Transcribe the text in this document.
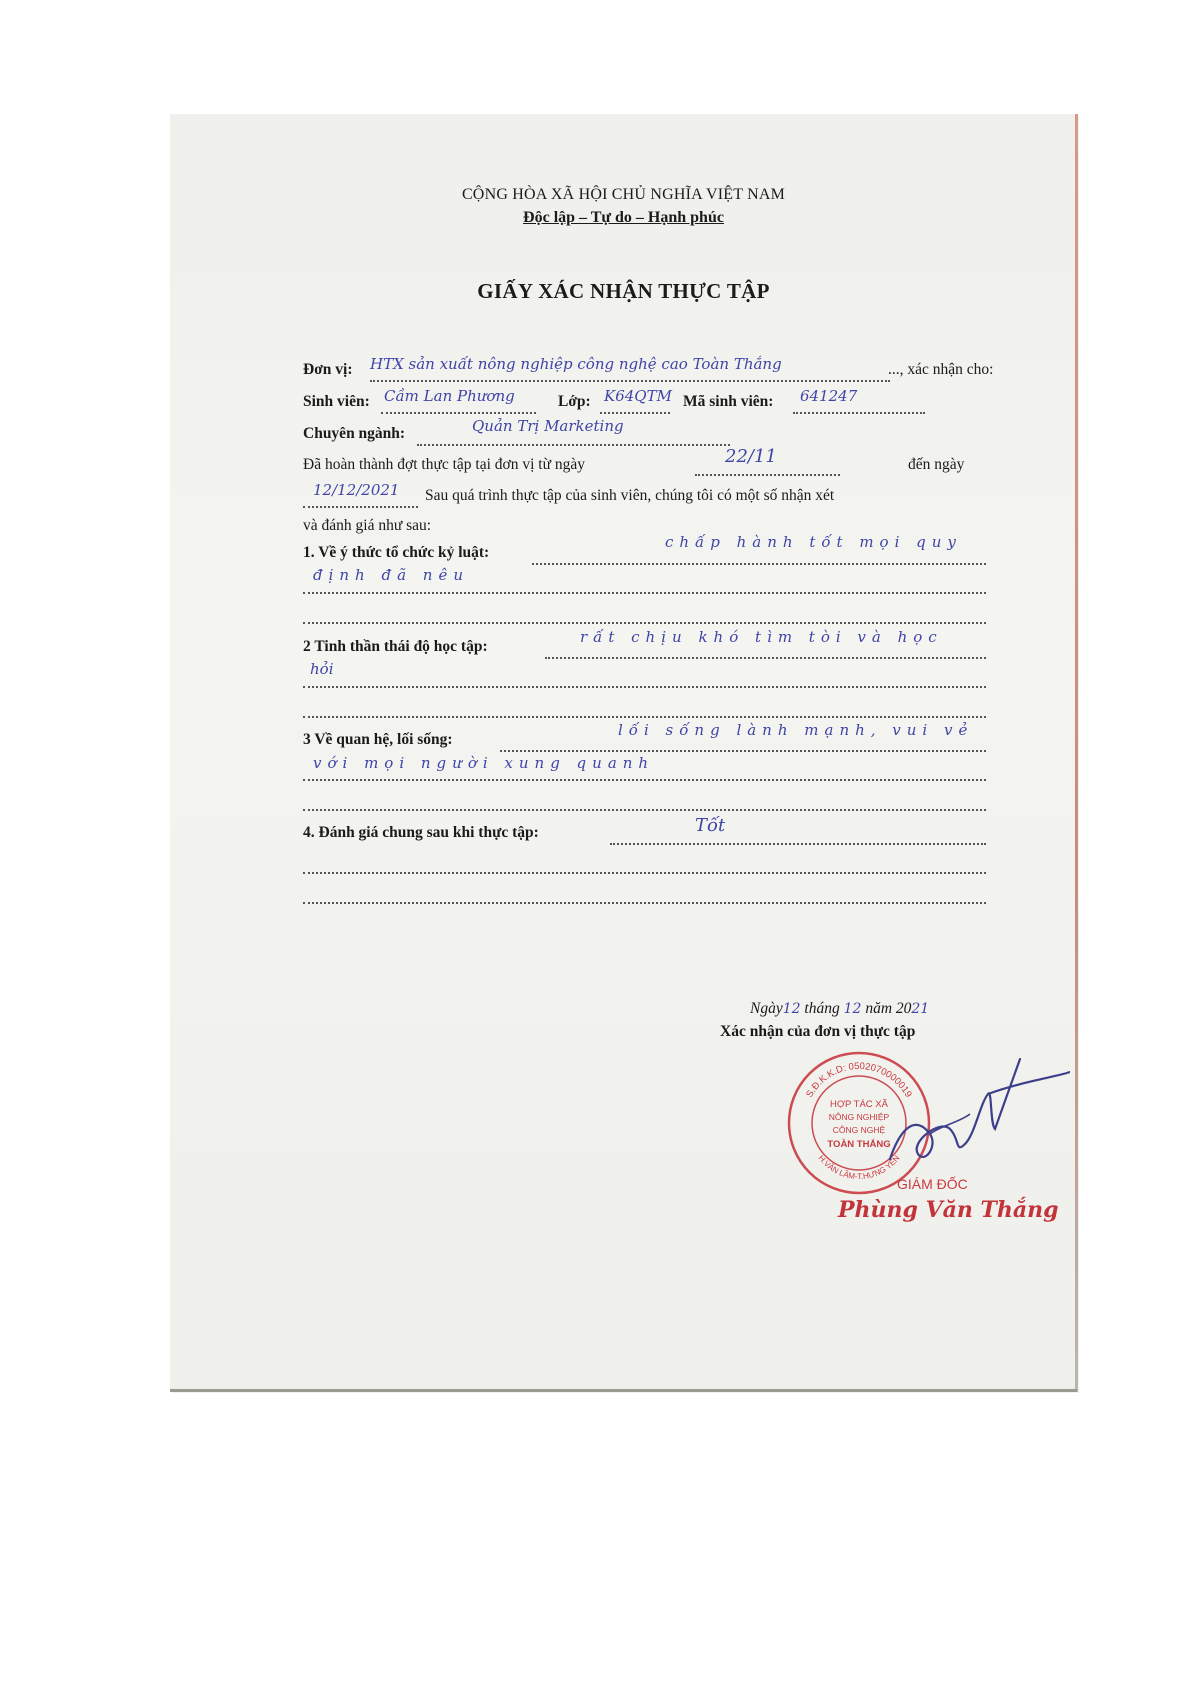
CỘNG HÒA XÃ HỘI CHỦ NGHĨA VIỆT NAM
Độc lập – Tự do – Hạnh phúc
GIẤY XÁC NHẬN THỰC TẬP
Đơn vị: HTX sản xuất nông nghiệp công nghệ cao Toàn Thắng	..., xác nhận cho:
Sinh viên: Cầm Lan Phương	Lớp: K64QTM Mã sinh viên: 641247
Chuyên ngành:	Quản Trị Marketing
Đã hoàn thành đợt thực tập tại đơn vị từ ngày	22/11	đến ngày
12/12/2021 Sau quá trình thực tập của sinh viên, chúng tôi có một số nhận xét
và đánh giá như sau:
1. Về ý thức tổ chức kỷ luật:
chấp hành tốt mọi quy
định đã nêu
2 Tinh thần thái độ học tập:
rất chịu khó tìm tòi và học
hỏi
3 Về quan hệ, lối sống:
lối sống lành mạnh, vui vẻ
với mọi người xung quanh
4. Đánh giá chung sau khi thực tập:	Tốt
Ngày12 tháng 12 năm 2021
Xác nhận của đơn vị thực tập
S.Đ.K.K.D: 0502070000019
H.VĂN LÂM-T.HƯNG YÊN
HỢP TÁC XÃ
NÔNG NGHIỆP
CÔNG NGHỆ
TOÀN THẮNG
GIÁM ĐỐC
Phùng Văn Thắng
